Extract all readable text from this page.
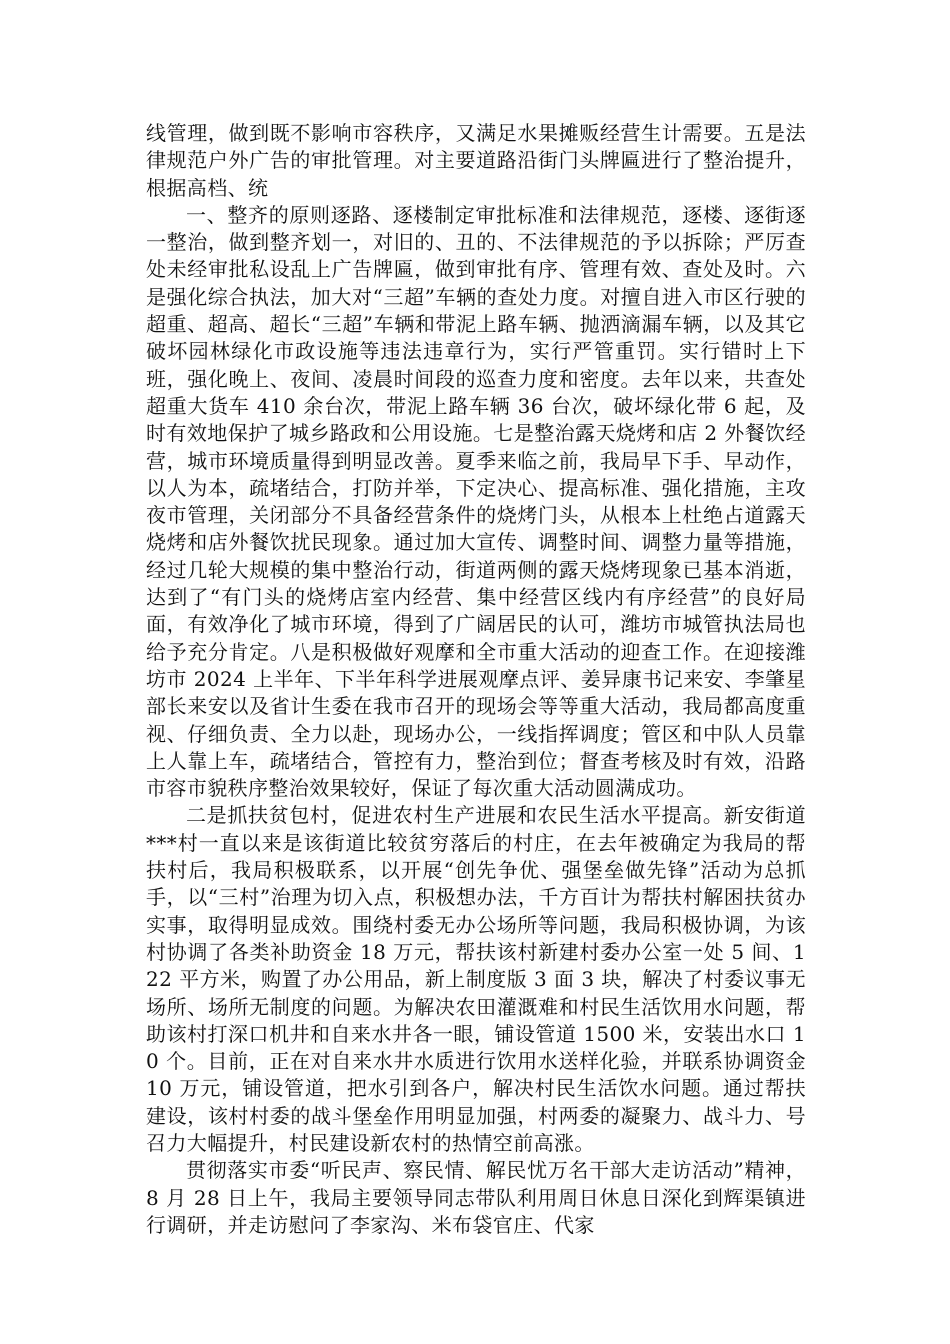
线管理，做到既不影响市容秩序，又满足水果摊贩经营生计需要。五是法律规范户外广告的审批管理。对主要道路沿街门头牌匾进行了整治提升，根据高档、统

一、整齐的原则逐路、逐楼制定审批标准和法律规范，逐楼、逐街逐一整治，做到整齐划一，对旧的、丑的、不法律规范的予以拆除；严厉查处未经审批私设乱上广告牌匾，做到审批有序、管理有效、查处及时。六是强化综合执法，加大对“三超”车辆的查处力度。对擅自进入市区行驶的超重、超高、超长“三超”车辆和带泥上路车辆、抛洒滴漏车辆，以及其它破坏园林绿化市政设施等违法违章行为，实行严管重罚。实行错时上下班，强化晚上、夜间、凌晨时间段的巡查力度和密度。去年以来，共查处超重大货车 410 余台次，带泥上路车辆 36 台次，破坏绿化带 6 起，及时有效地保护了城乡路政和公用设施。七是整治露天烧烤和店 2 外餐饮经营，城市环境质量得到明显改善。夏季来临之前，我局早下手、早动作，以人为本，疏堵结合，打防并举，下定决心、提高标准、强化措施，主攻夜市管理，关闭部分不具备经营条件的烧烤门头，从根本上杜绝占道露天烧烤和店外餐饮扰民现象。通过加大宣传、调整时间、调整力量等措施，经过几轮大规模的集中整治行动，街道两侧的露天烧烤现象已基本消逝，达到了“有门头的烧烤店室内经营、集中经营区线内有序经营”的良好局面，有效净化了城市环境，得到了广阔居民的认可，潍坊市城管执法局也给予充分肯定。八是积极做好观摩和全市重大活动的迎查工作。在迎接潍坊市 2024 上半年、下半年科学进展观摩点评、姜异康书记来安、李肇星部长来安以及省计生委在我市召开的现场会等等重大活动，我局都高度重视、仔细负责、全力以赴，现场办公，一线指挥调度；管区和中队人员靠上人靠上车，疏堵结合，管控有力，整治到位；督查考核及时有效，沿路市容市貌秩序整治效果较好，保证了每次重大活动圆满成功。

二是抓扶贫包村，促进农村生产进展和农民生活水平提高。新安街道***村一直以来是该街道比较贫穷落后的村庄，在去年被确定为我局的帮扶村后，我局积极联系，以开展“创先争优、强堡垒做先锋”活动为总抓手，以“三村”治理为切入点，积极想办法，千方百计为帮扶村解困扶贫办实事，取得明显成效。围绕村委无办公场所等问题，我局积极协调，为该村协调了各类补助资金 18 万元，帮扶该村新建村委办公室一处 5 间、122 平方米，购置了办公用品，新上制度版 3 面 3 块，解决了村委议事无场所、场所无制度的问题。为解决农田灌溉难和村民生活饮用水问题，帮助该村打深口机井和自来水井各一眼，铺设管道 1500 米，安装出水口 10 个。目前，正在对自来水井水质进行饮用水送样化验，并联系协调资金 10 万元，铺设管道，把水引到各户，解决村民生活饮水问题。通过帮扶建设，该村村委的战斗堡垒作用明显加强，村两委的凝聚力、战斗力、号召力大幅提升，村民建设新农村的热情空前高涨。

贯彻落实市委“听民声、察民情、解民忧万名干部大走访活动”精神，8 月 28 日上午，我局主要领导同志带队利用周日休息日深化到辉渠镇进行调研，并走访慰问了李家沟、米布袋官庄、代家
